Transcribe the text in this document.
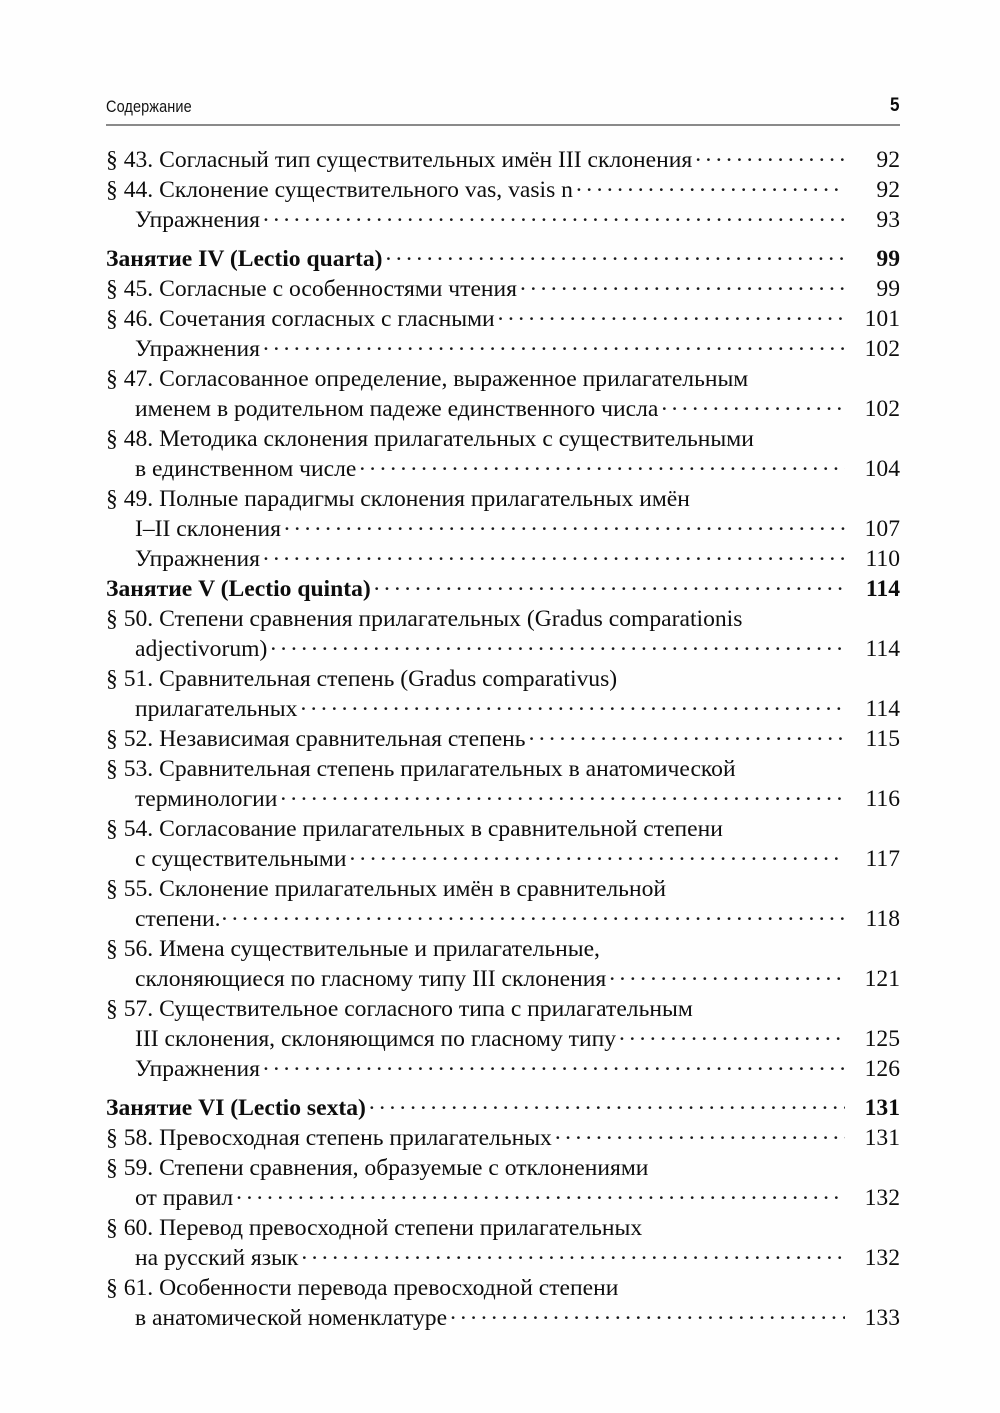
Содержание	5
§ 43. Согласный тип существительных имён III склонения . . .	92
§ 44. Склонение существительного vas, vasis n . . .	92
Упражнения . . .	93
Занятие IV (Lectio quarta) . . .	99
§ 45. Согласные с особенностями чтения . . .	99
§ 46. Сочетания согласных с гласными . . .	101
Упражнения . . .	102
§ 47. Согласованное определение, выраженное прилагательным
именем в родительном падеже единственного числа . . .	102
§ 48. Методика склонения прилагательных с существительными
в единственном числе . . .	104
§ 49. Полные парадигмы склонения прилагательных имён
I–II склонения . . .	107
Упражнения . . .	110
Занятие V (Lectio quinta) . . .	114
§ 50. Степени сравнения прилагательных (Gradus comparationis
adjectivorum) . . .	114
§ 51. Сравнительная степень (Gradus comparativus)
прилагательных . . .	114
§ 52. Независимая сравнительная степень . . .	115
§ 53. Сравнительная степень прилагательных в анатомической
терминологии . . .	116
§ 54. Согласование прилагательных в сравнительной степени
с существительными . . .	117
§ 55. Склонение прилагательных имён в сравнительной
степени. . . .	118
§ 56. Имена существительные и прилагательные,
склоняющиеся по гласному типу III склонения . . .	121
§ 57. Существительное согласного типа с прилагательным
III склонения, склоняющимся по гласному типу . . .	125
Упражнения . . .	126
Занятие VI (Lectio sexta) . . .	131
§ 58. Превосходная степень прилагательных . . .	131
§ 59. Степени сравнения, образуемые с отклонениями
от правил . . .	132
§ 60. Перевод превосходной степени прилагательных
на русский язык . . .	132
§ 61. Особенности перевода превосходной степени
в анатомической номенклатуре . . .	133
